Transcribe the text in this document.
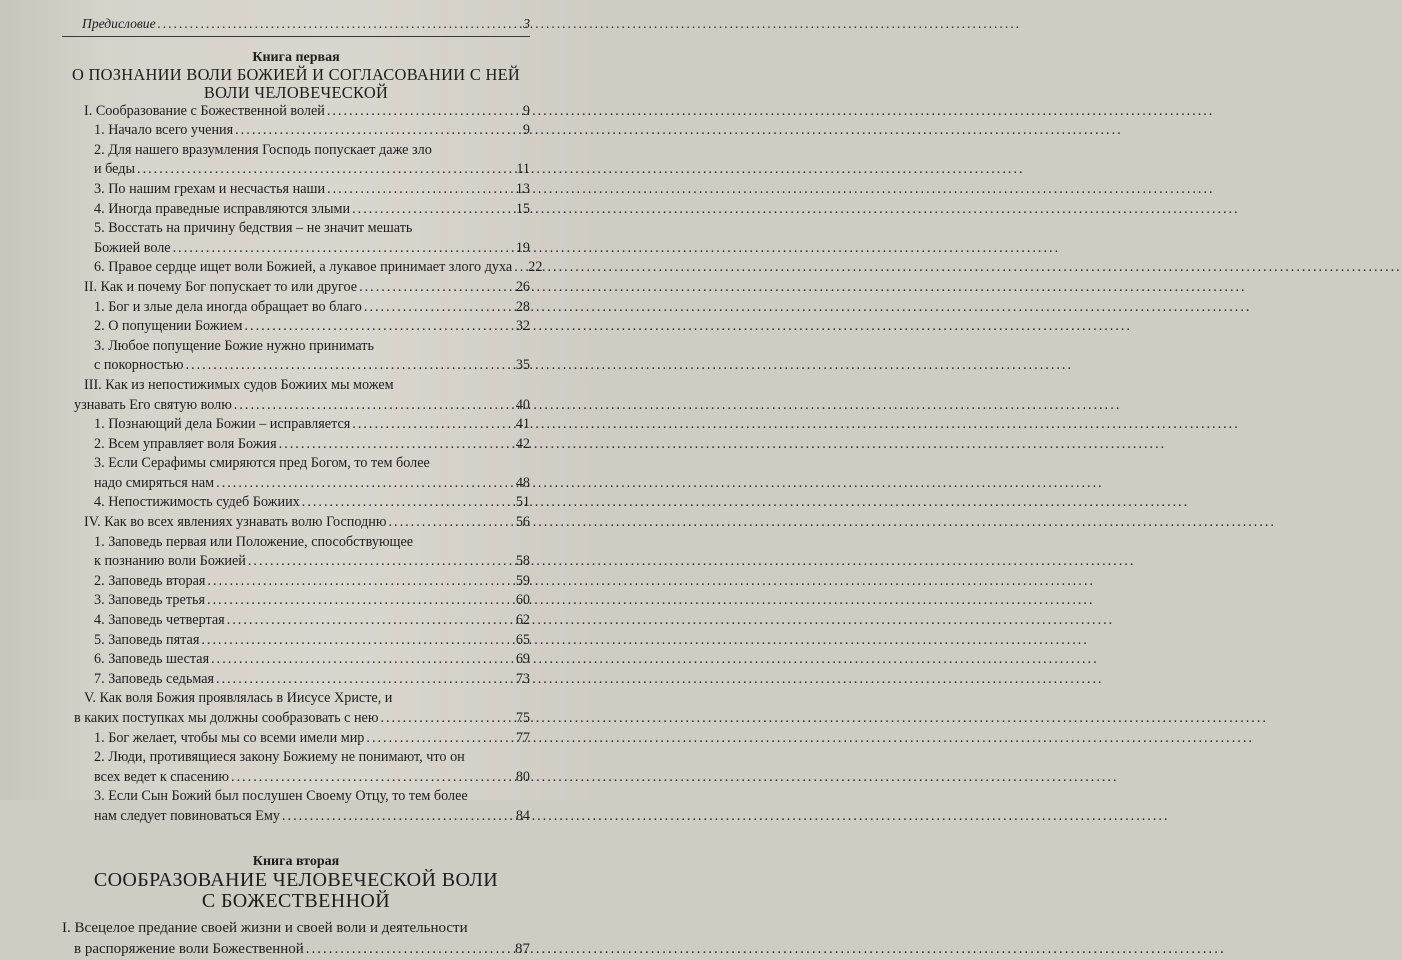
Предисловие .....	3
Книга первая
О ПОЗНАНИИ ВОЛИ БОЖИЕЙ И СОГЛАСОВАНИИ С НЕЙ
ВОЛИ ЧЕЛОВЕЧЕСКОЙ
I. Сообразование с Божественной волей .....	9
1. Начало всего учения .....	9
2. Для нашего вразумления Господь попускает даже зло
и беды .....	11
3. По нашим грехам и несчастья наши .....	13
4. Иногда праведные исправляются злыми .....	15
5. Восстать на причину бедствия – не значит мешать
Божией воле .....	19
6. Правое сердце ищет воли Божией, а лукавое принимает злого духа ..... 22
II. Как и почему Бог попускает то или другое .....	26
1. Бог и злые дела иногда обращает во благо .....	28
2. О попущении Божием .....	32
3. Любое попущение Божие нужно принимать
с покорностью .....	35
III. Как из непостижимых судов Божиих мы можем
узнавать Его святую волю .....	40
1. Познающий дела Божии – исправляется .....	41
2. Всем управляет воля Божия .....	42
3. Если Серафимы смиряются пред Богом, то тем более
надо смиряться нам .....	48
4. Непостижимость судеб Божиих .....	51
IV. Как во всех явлениях узнавать волю Господню .....	56
1. Заповедь первая или Положение, способствующее
к познанию воли Божией .....	58
2. Заповедь вторая .....	59
3. Заповедь третья .....	60
4. Заповедь четвертая .....	62
5. Заповедь пятая .....	65
6. Заповедь шестая .....	69
7. Заповедь седьмая .....	73
V. Как воля Божия проявлялась в Иисусе Христе, и
в каких поступках мы должны сообразовать с нею .....	75
1. Бог желает, чтобы мы со всеми имели мир .....	77
2. Люди, противящиеся закону Божиему не понимают, что он
всех ведет к спасению .....	80
3. Если Сын Божий был послушен Своему Отцу, то тем более
нам следует повиноваться Ему .....	84
Книга вторая
СООБРАЗОВАНИЕ ЧЕЛОВЕЧЕСКОЙ ВОЛИ
С БОЖЕСТВЕННОЙ
I. Всецелое предание своей жизни и своей воли и деятельности
в распоряжение воли Божественной .....	87
